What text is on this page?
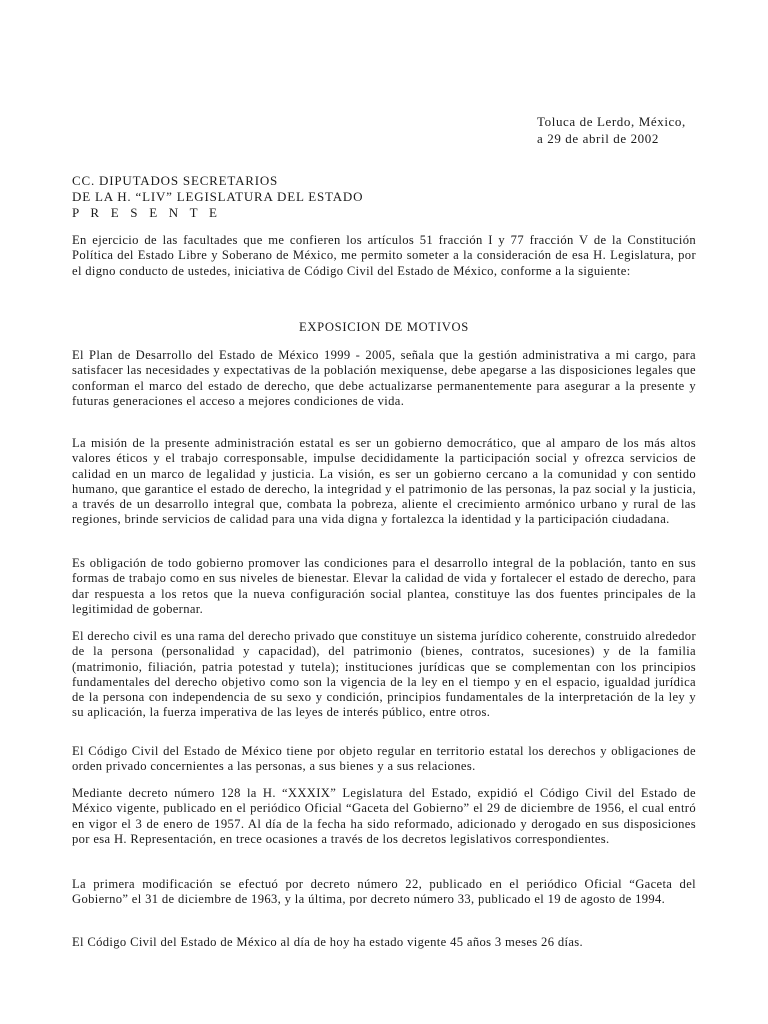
Toluca de Lerdo, México,
a 29 de abril de 2002
CC. DIPUTADOS SECRETARIOS
DE LA H. “LIV” LEGISLATURA DEL ESTADO
P R E S E N T E

En ejercicio de las facultades que me confieren los artículos 51 fracción I y 77 fracción V de la Constitución Política del Estado Libre y Soberano de México, me permito someter a la consideración de esa H. Legislatura, por el digno conducto de ustedes, iniciativa de Código Civil del Estado de México, conforme a la siguiente:

EXPOSICION DE MOTIVOS

El Plan de Desarrollo del Estado de México 1999 - 2005, señala que la gestión administrativa a mi cargo, para satisfacer las necesidades y expectativas de la población mexiquense, debe apegarse a las disposiciones legales que conforman el marco del estado de derecho, que debe actualizarse permanentemente para asegurar a la presente y futuras generaciones el acceso a mejores condiciones de vida.

La misión de la presente administración estatal es ser un gobierno democrático, que al amparo de los más altos valores éticos y el trabajo corresponsable, impulse decididamente la participación social y ofrezca servicios de calidad en un marco de legalidad y justicia. La visión, es ser un gobierno cercano a la comunidad y con sentido humano, que garantice el estado de derecho, la integridad y el patrimonio de las personas, la paz social y la justicia, a través de un desarrollo integral que, combata la pobreza, aliente el crecimiento armónico urbano y rural de las regiones, brinde servicios de calidad para una vida digna y fortalezca la identidad y la participación ciudadana.

Es obligación de todo gobierno promover las condiciones para el desarrollo integral de la población, tanto en sus formas de trabajo como en sus niveles de bienestar. Elevar la calidad de vida y fortalecer el estado de derecho, para dar respuesta a los retos que la nueva configuración social plantea, constituye las dos fuentes principales de la legitimidad de gobernar.

El derecho civil es una rama del derecho privado que constituye un sistema jurídico coherente, construido alrededor de la persona (personalidad y capacidad), del patrimonio (bienes, contratos, sucesiones) y de la familia (matrimonio, filiación, patria potestad y tutela); instituciones jurídicas que se complementan con los principios fundamentales del derecho objetivo como son la vigencia de la ley en el tiempo y en el espacio, igualdad jurídica de la persona con independencia de su sexo y condición, principios fundamentales de la interpretación de la ley y su aplicación, la fuerza imperativa de las leyes de interés público, entre otros.

El Código Civil del Estado de México tiene por objeto regular en territorio estatal los derechos y obligaciones de orden privado concernientes a las personas, a sus bienes y a sus relaciones.

Mediante decreto número 128 la H. “XXXIX” Legislatura del Estado, expidió el Código Civil del Estado de México vigente, publicado en el periódico Oficial “Gaceta del Gobierno” el 29 de diciembre de 1956, el cual entró en vigor el 3 de enero de 1957. Al día de la fecha ha sido reformado, adicionado y derogado en sus disposiciones por esa H. Representación, en trece ocasiones a través de los decretos legislativos correspondientes.

La primera modificación se efectuó por decreto número 22, publicado en el periódico Oficial “Gaceta del Gobierno” el 31 de diciembre de 1963, y la última, por decreto número 33, publicado el 19 de agosto de 1994.

El Código Civil del Estado de México al día de hoy ha estado vigente 45 años 3 meses 26 días.
